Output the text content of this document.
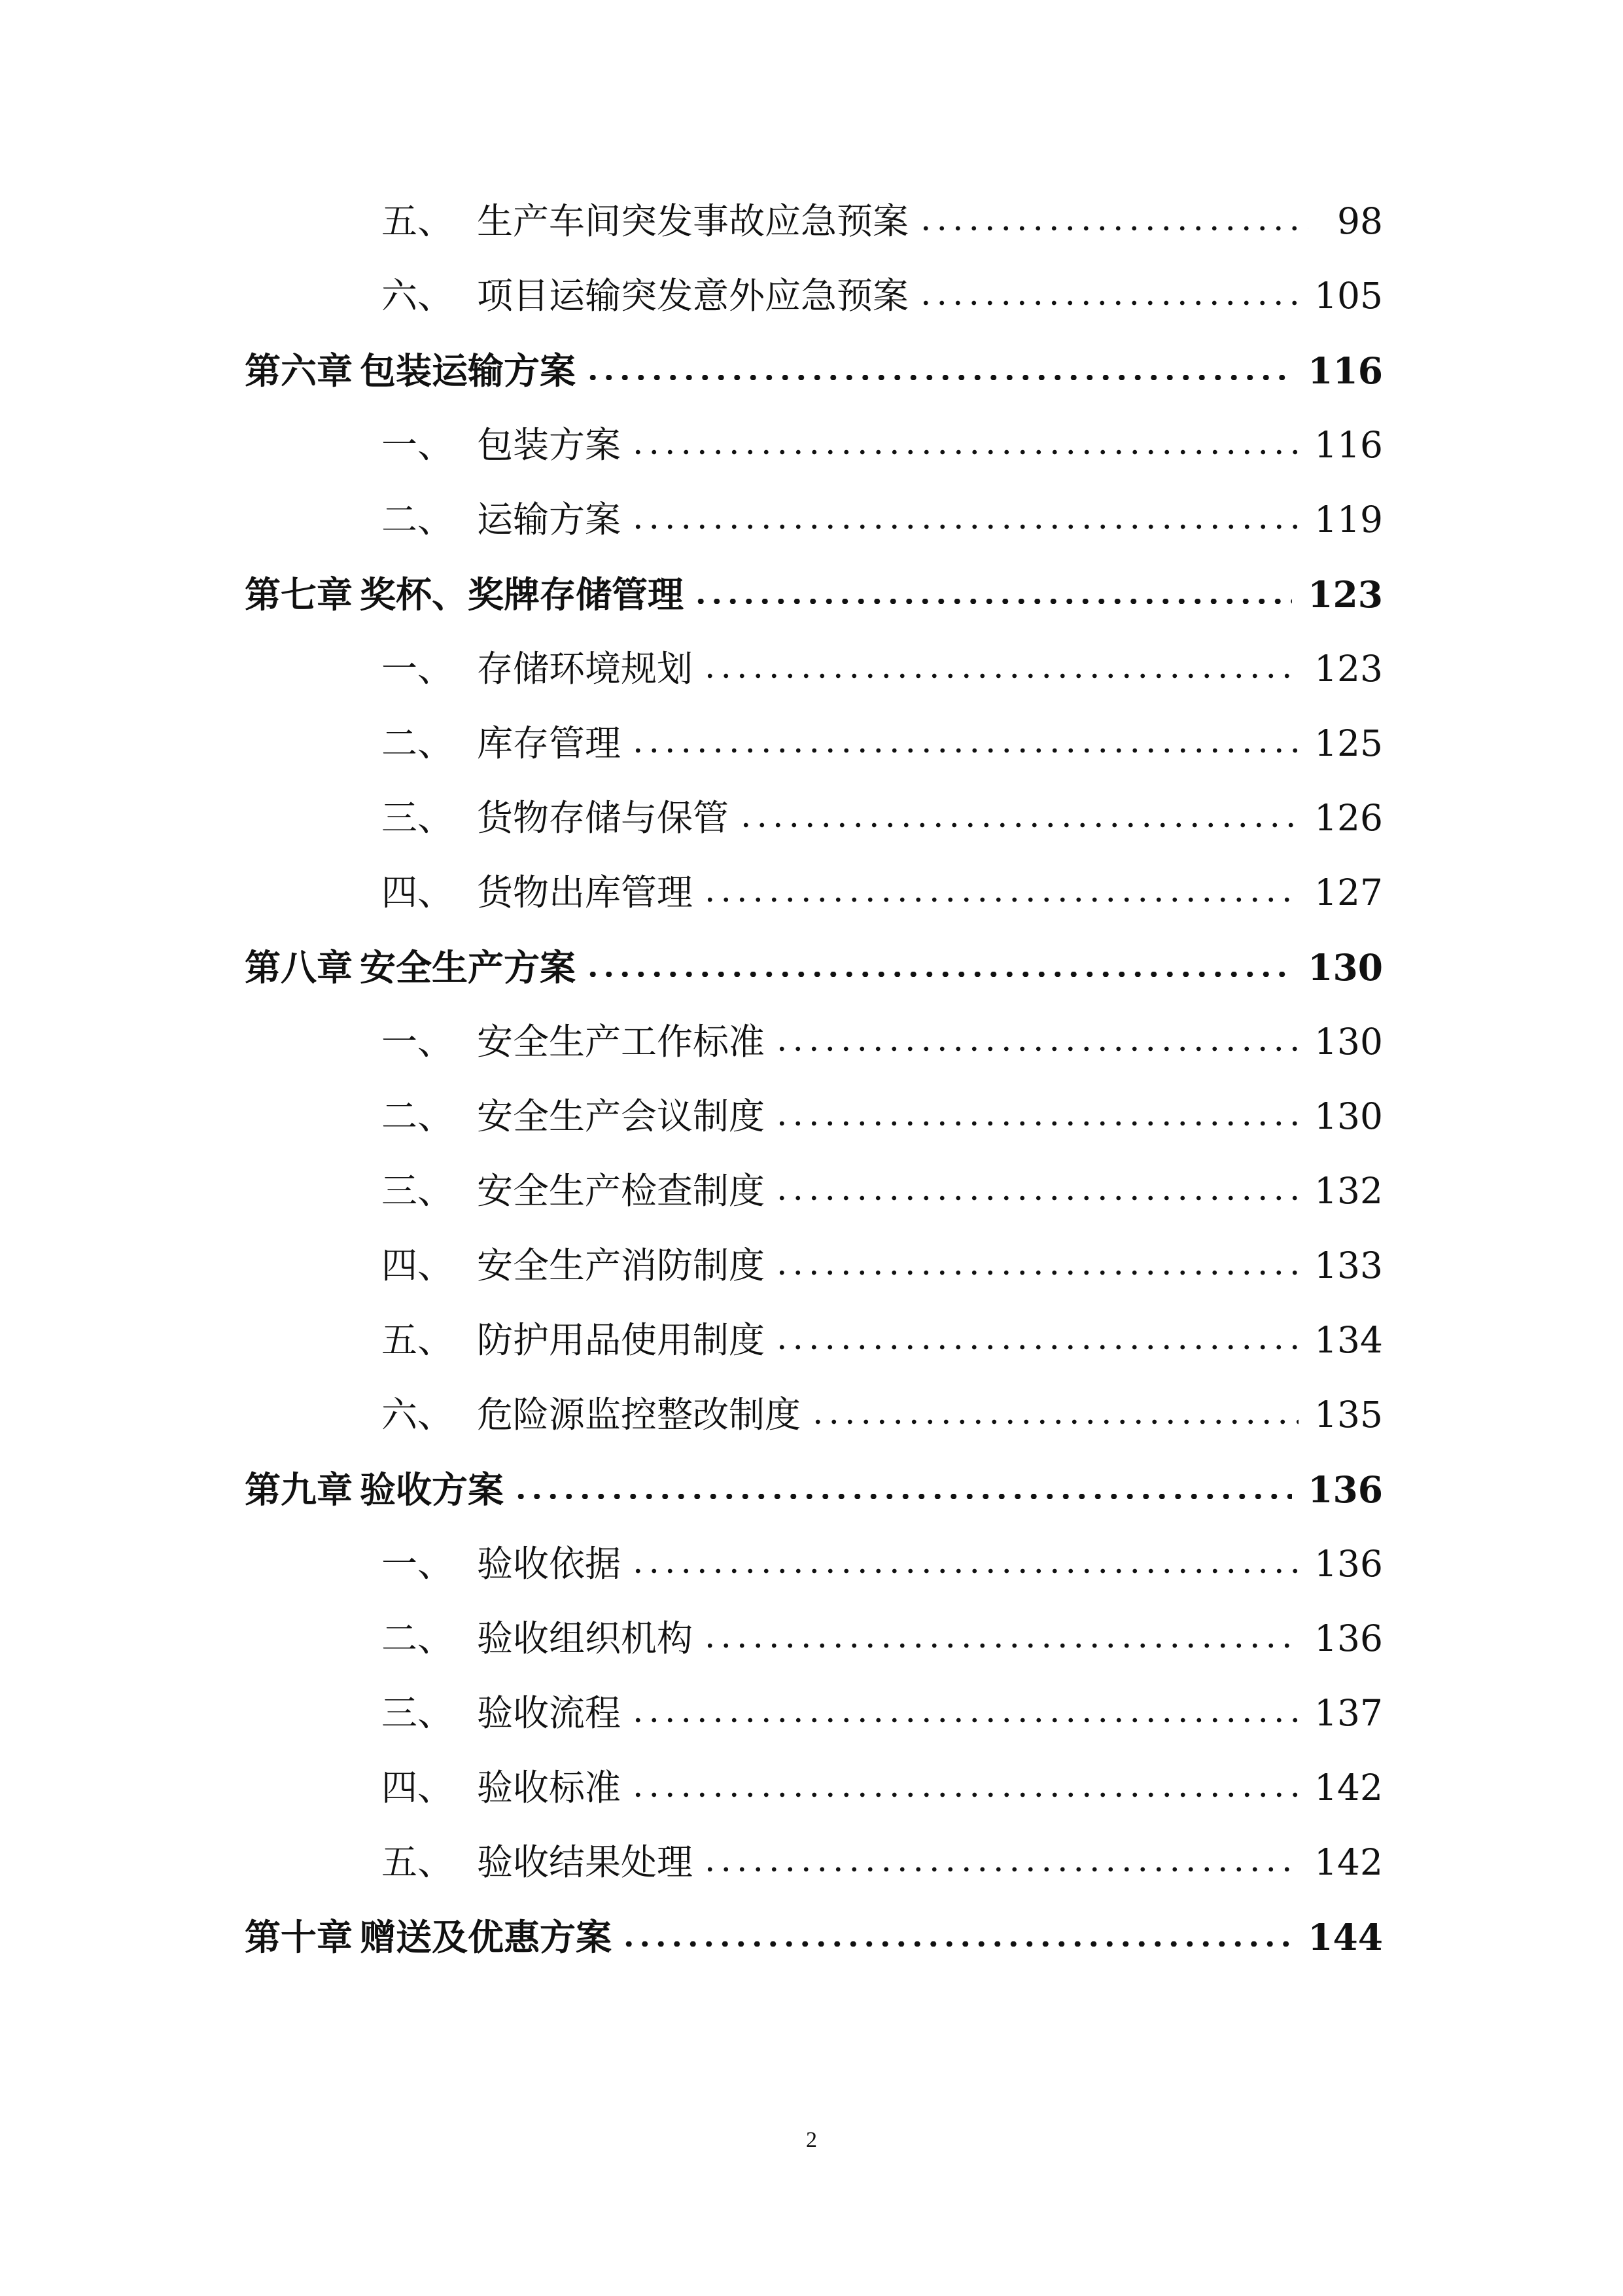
五、 生产车间突发事故应急预案	98
六、 项目运输突发意外应急预案	105
第六章 包装运输方案	116
一、 包装方案	116
二、 运输方案	119
第七章 奖杯、奖牌存储管理	123
一、 存储环境规划	123
二、 库存管理	125
三、 货物存储与保管	126
四、 货物出库管理	127
第八章 安全生产方案	130
一、 安全生产工作标准	130
二、 安全生产会议制度	130
三、 安全生产检查制度	132
四、 安全生产消防制度	133
五、 防护用品使用制度	134
六、 危险源监控整改制度	135
第九章 验收方案	136
一、 验收依据	136
二、 验收组织机构	136
三、 验收流程	137
四、 验收标准	142
五、 验收结果处理	142
第十章 赠送及优惠方案	144
2
